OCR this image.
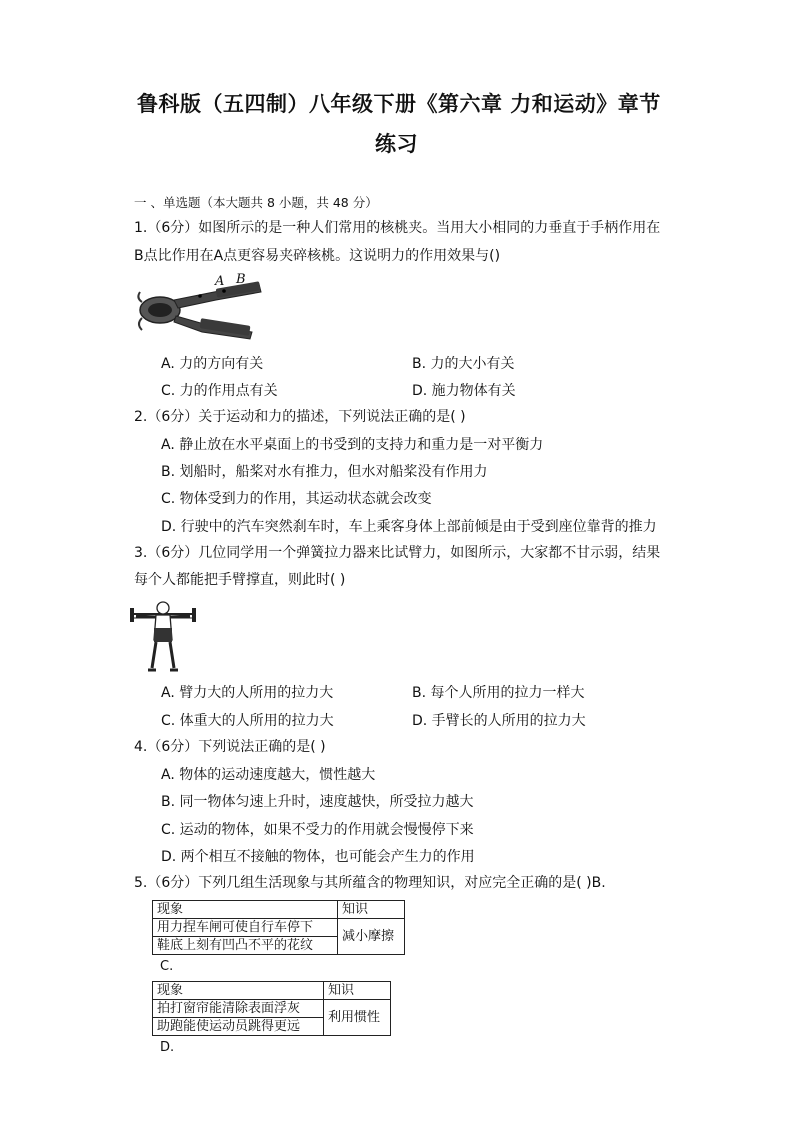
鲁科版（五四制）八年级下册《第六章 力和运动》章节
练习
一 、单选题（本大题共 8 小题，共 48 分）
1.（6分）如图所示的是一种人们常用的核桃夹。当用大小相同的力垂直于手柄作用在
B点比作用在A点更容易夹碎核桃。这说明力的作用效果与()
A B
A. 力的方向有关	B. 力的大小有关
C. 力的作用点有关	D. 施力物体有关
2.（6分）关于运动和力的描述，下列说法正确的是( )
A. 静止放在水平桌面上的书受到的支持力和重力是一对平衡力
B. 划船时，船桨对水有推力，但水对船桨没有作用力
C. 物体受到力的作用，其运动状态就会改变
D. 行驶中的汽车突然刹车时，车上乘客身体上部前倾是由于受到座位靠背的推力
3.（6分）几位同学用一个弹簧拉力器来比试臂力，如图所示，大家都不甘示弱，结果
每个人都能把手臂撑直，则此时( )
A. 臂力大的人所用的拉力大	B. 每个人所用的拉力一样大
C. 体重大的人所用的拉力大	D. 手臂长的人所用的拉力大
4.（6分）下列说法正确的是( )
A. 物体的运动速度越大，惯性越大
B. 同一物体匀速上升时，速度越快，所受拉力越大
C. 运动的物体，如果不受力的作用就会慢慢停下来
D. 两个相互不接触的物体，也可能会产生力的作用
5.（6分）下列几组生活现象与其所蕴含的物理知识，对应完全正确的是( )B.
现象	知识
用力捏车闸可使自行车停下	减小摩擦
鞋底上刻有凹凸不平的花纹	
C.
现象	知识
拍打窗帘能清除表面浮灰	利用惯性
助跑能使运动员跳得更远	
D.
